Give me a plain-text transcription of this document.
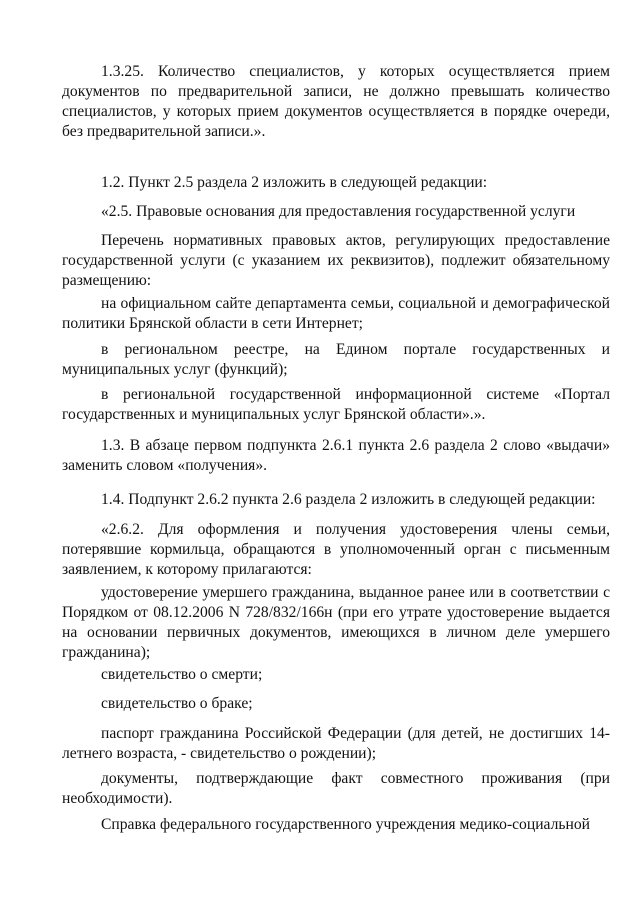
1.3.25. Количество специалистов, у которых осуществляется прием документов по предварительной записи, не должно превышать количество специалистов, у которых прием документов осуществляется в порядке очереди, без предварительной записи.».

1.2. Пункт 2.5 раздела 2 изложить в следующей редакции:

«2.5. Правовые основания для предоставления государственной услуги

Перечень нормативных правовых актов, регулирующих предоставление государственной услуги (с указанием их реквизитов), подлежит обязательному размещению:

на официальном сайте департамента семьи, социальной и демографической политики Брянской области в сети Интернет;

в региональном реестре, на Едином портале государственных и муниципальных услуг (функций);

в региональной государственной информационной системе «Портал государственных и муниципальных услуг Брянской области».».

1.3. В абзаце первом подпункта 2.6.1 пункта 2.6 раздела 2 слово «выдачи» заменить словом «получения».

1.4. Подпункт 2.6.2 пункта 2.6 раздела 2 изложить в следующей редакции:

«2.6.2. Для оформления и получения удостоверения члены семьи, потерявшие кормильца, обращаются в уполномоченный орган с письменным заявлением, к которому прилагаются:

удостоверение умершего гражданина, выданное ранее или в соответствии с Порядком от 08.12.2006 N 728/832/166н (при его утрате удостоверение выдается на основании первичных документов, имеющихся в личном деле умершего гражданина);

свидетельство о смерти;

свидетельство о браке;

паспорт гражданина Российской Федерации (для детей, не достигших 14-летнего возраста, - свидетельство о рождении);

документы, подтверждающие факт совместного проживания (при необходимости).

Справка федерального государственного учреждения медико-социальной
